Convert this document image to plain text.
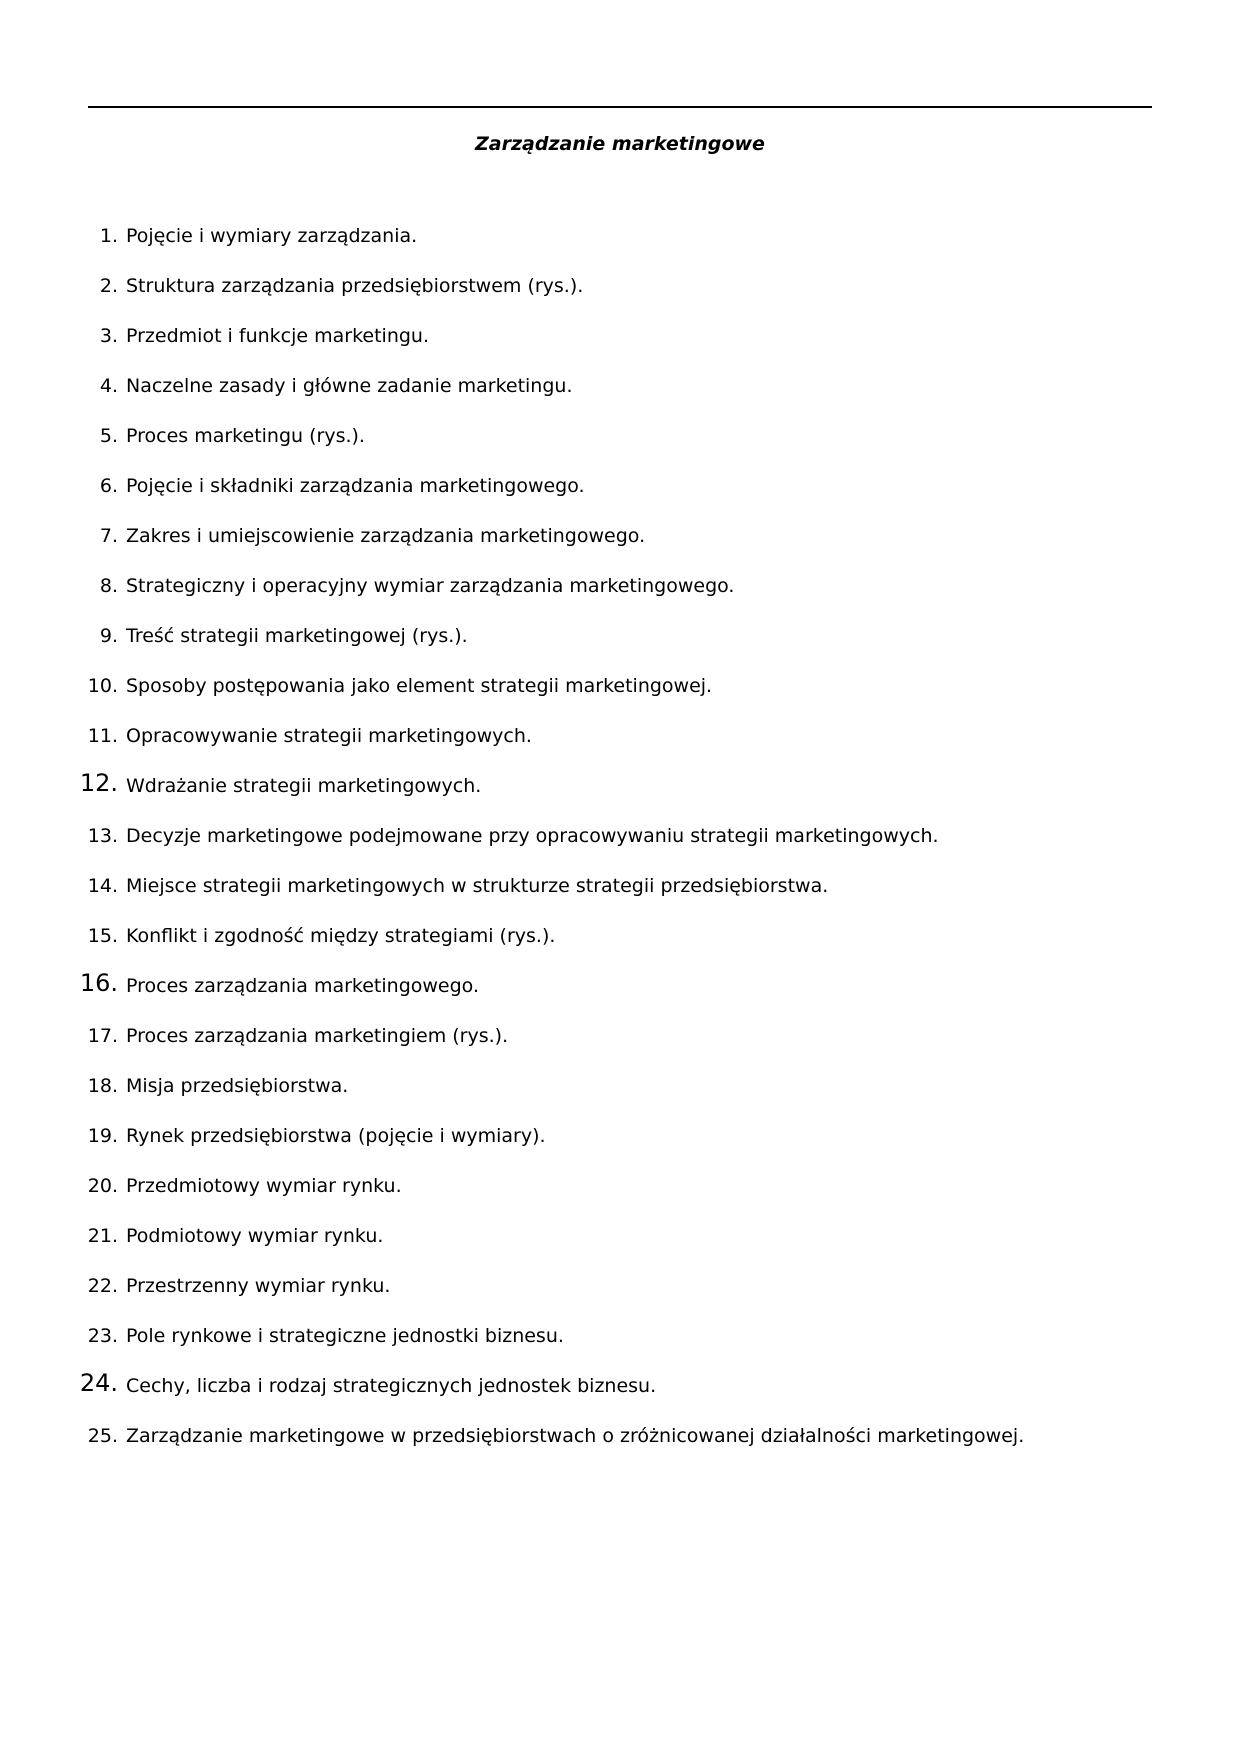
Zarządzanie marketingowe
1. Pojęcie i wymiary zarządzania.
2. Struktura zarządzania przedsiębiorstwem (rys.).
3. Przedmiot i funkcje marketingu.
4. Naczelne zasady i główne zadanie marketingu.
5. Proces marketingu (rys.).
6. Pojęcie i składniki zarządzania marketingowego.
7. Zakres i umiejscowienie zarządzania marketingowego.
8. Strategiczny i operacyjny wymiar zarządzania marketingowego.
9. Treść strategii marketingowej (rys.).
10. Sposoby postępowania jako element strategii marketingowej.
11. Opracowywanie strategii marketingowych.
12. Wdrażanie strategii marketingowych.
13. Decyzje marketingowe podejmowane przy opracowywaniu strategii marketingowych.
14. Miejsce strategii marketingowych w strukturze strategii przedsiębiorstwa.
15. Konflikt i zgodność między strategiami (rys.).
16. Proces zarządzania marketingowego.
17. Proces zarządzania marketingiem (rys.).
18. Misja przedsiębiorstwa.
19. Rynek przedsiębiorstwa (pojęcie i wymiary).
20. Przedmiotowy wymiar rynku.
21. Podmiotowy wymiar rynku.
22. Przestrzenny wymiar rynku.
23. Pole rynkowe i strategiczne jednostki biznesu.
24. Cechy, liczba i rodzaj strategicznych jednostek biznesu.
25. Zarządzanie marketingowe w przedsiębiorstwach o zróżnicowanej działalności marketingowej.
